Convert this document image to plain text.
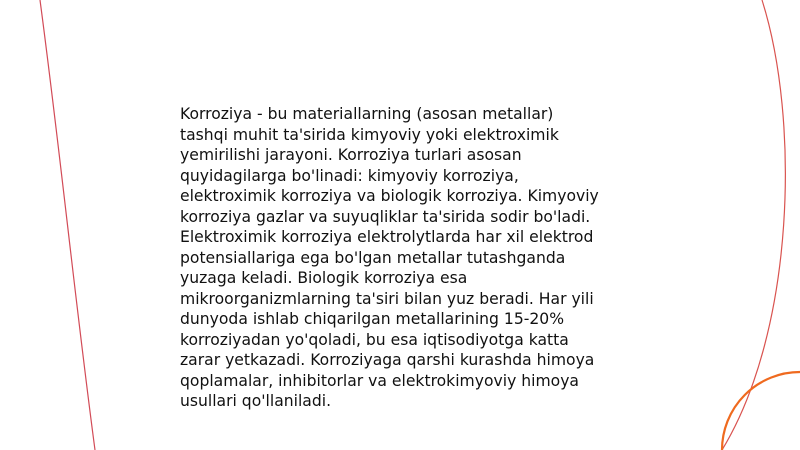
Korroziya - bu materiallarning (asosan metallar)
tashqi muhit ta'sirida kimyoviy yoki elektroximik
yemirilishi jarayoni. Korroziya turlari asosan
quyidagilarga bo'linadi: kimyoviy korroziya,
elektroximik korroziya va biologik korroziya. Kimyoviy
korroziya gazlar va suyuqliklar ta'sirida sodir bo'ladi.
Elektroximik korroziya elektrolytlarda har xil elektrod
potensiallariga ega bo'lgan metallar tutashganda
yuzaga keladi. Biologik korroziya esa
mikroorganizmlarning ta'siri bilan yuz beradi. Har yili
dunyoda ishlab chiqarilgan metallarining 15-20%
korroziyadan yo'qoladi, bu esa iqtisodiyotga katta
zarar yetkazadi. Korroziyaga qarshi kurashda himoya
qoplamalar, inhibitorlar va elektrokimyoviy himoya
usullari qo'llaniladi.
